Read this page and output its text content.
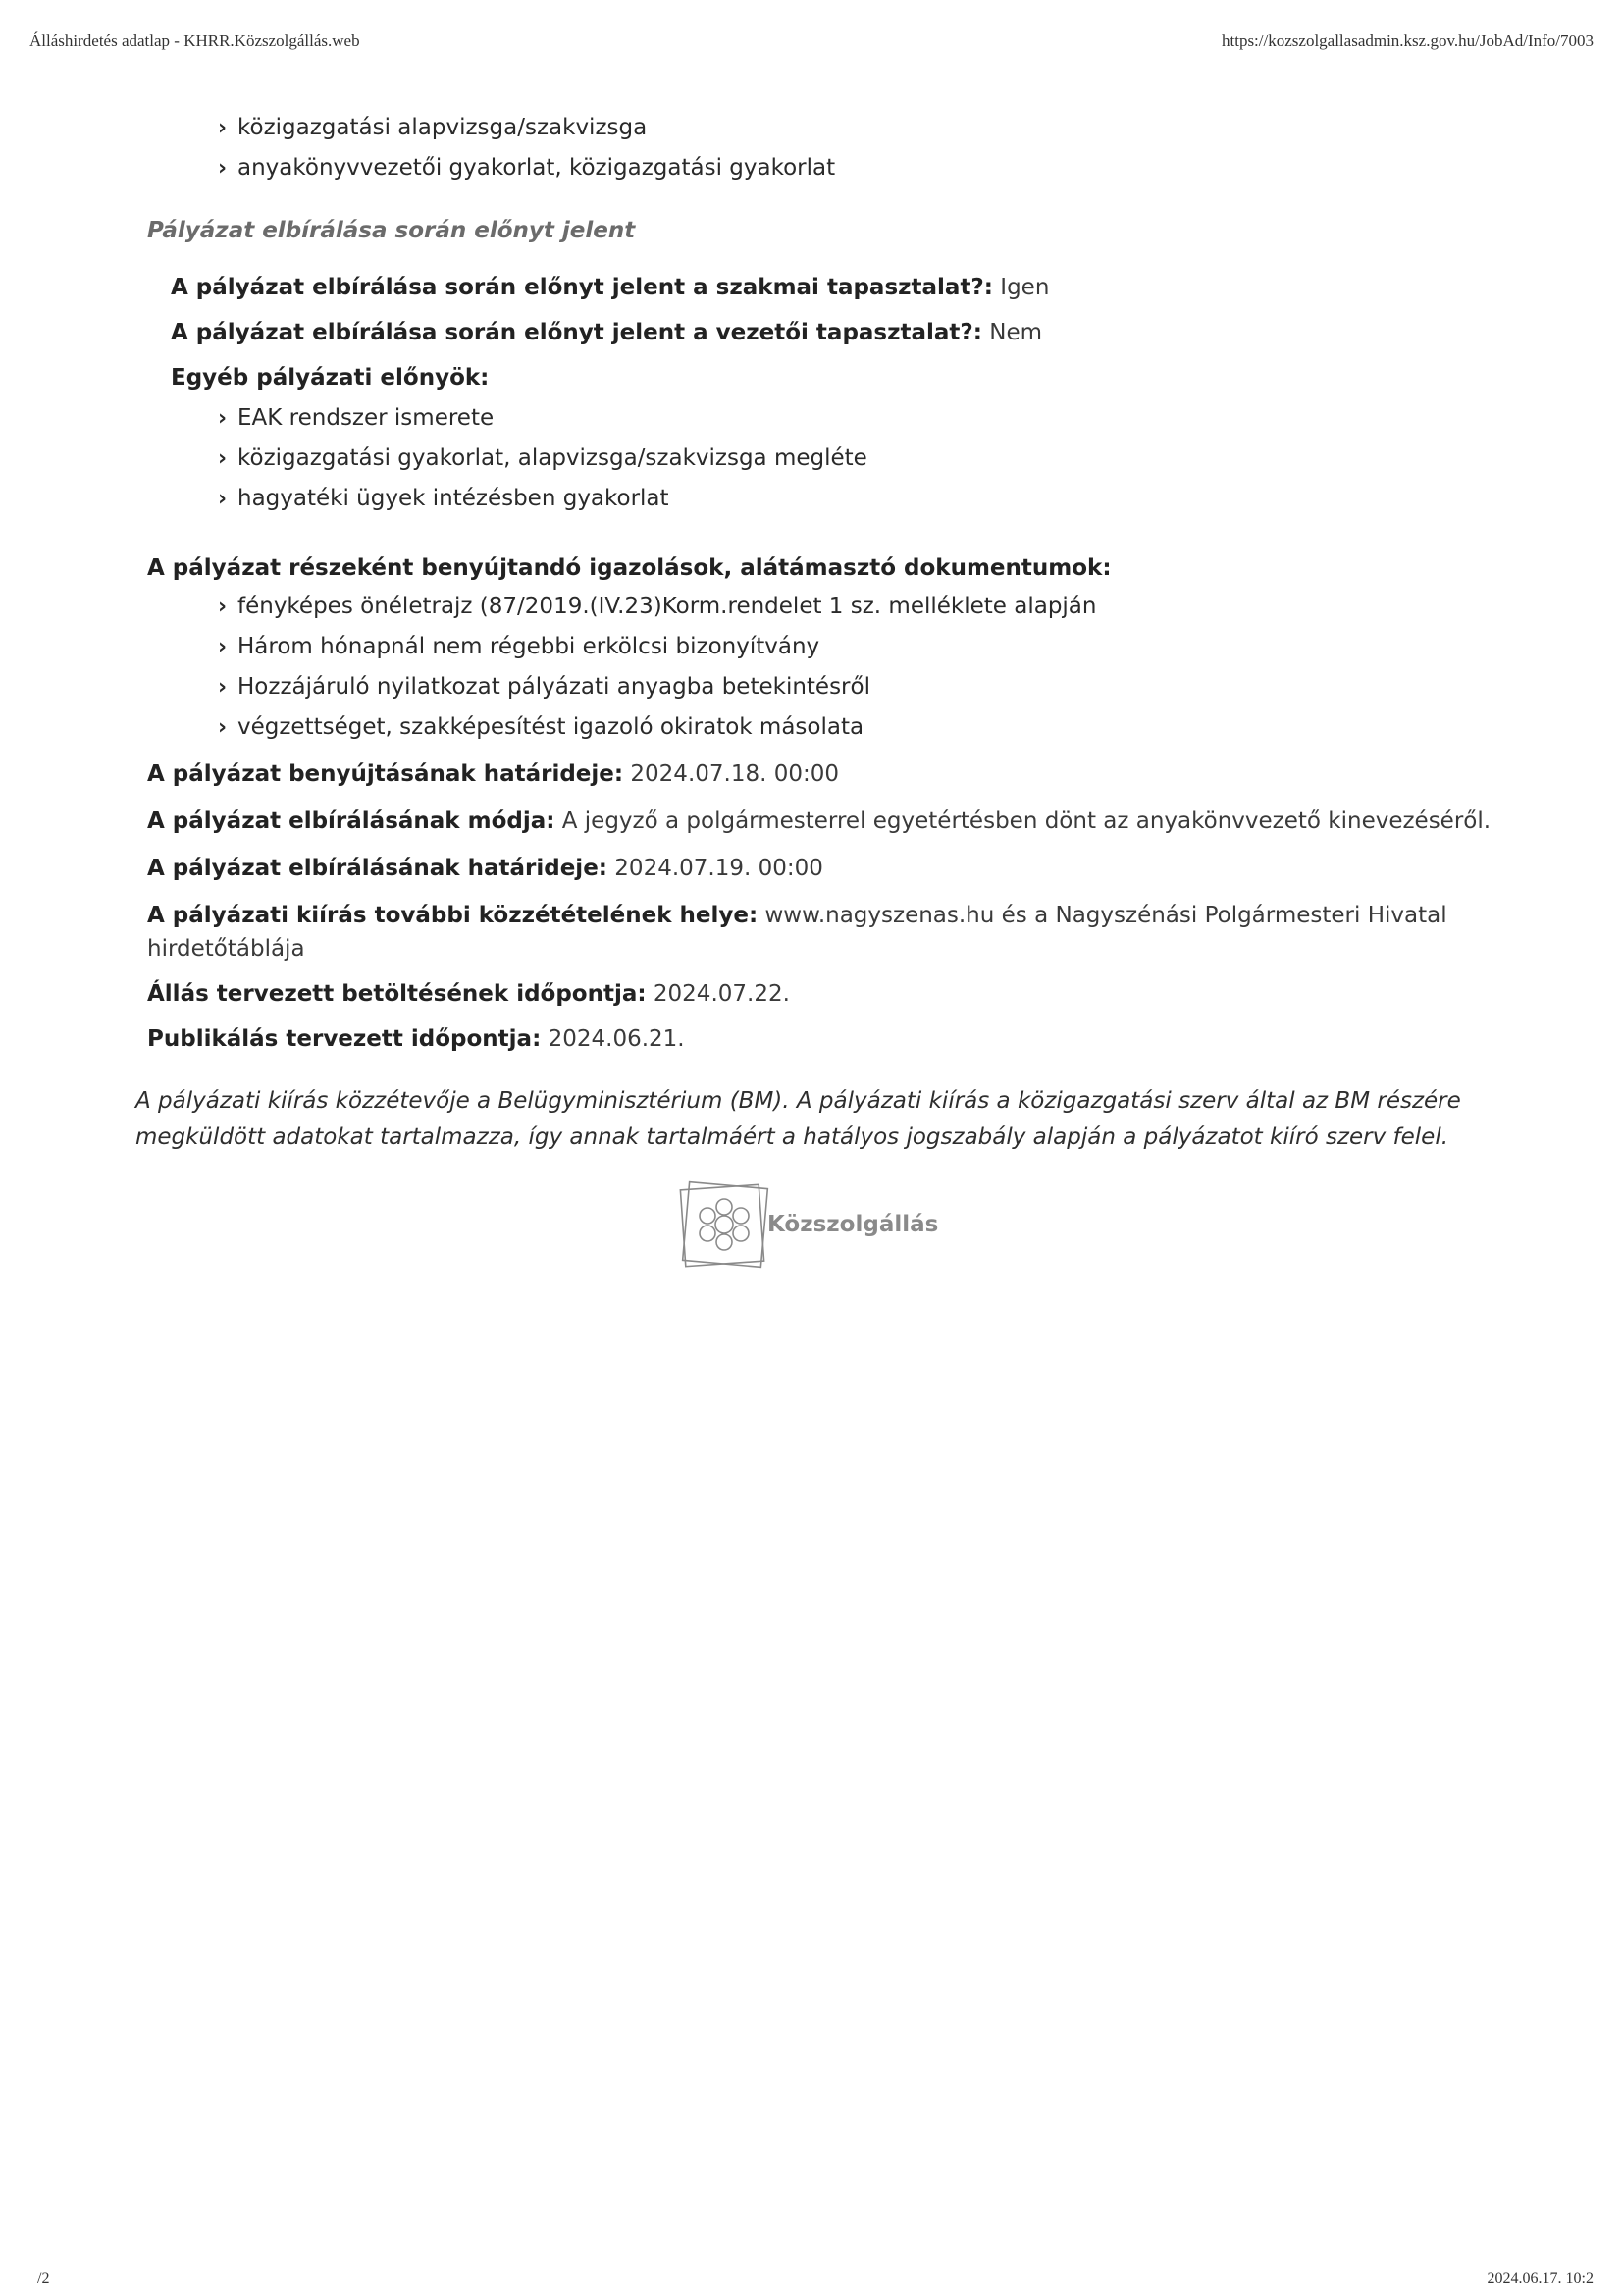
Álláshirdetés adatlap - KHRR.Közszolgállás.web	https://kozszolgallasadmin.ksz.gov.hu/JobAd/Info/7003
› közigazgatási alapvizsga/szakvizsga
› anyakönyvvezetői gyakorlat, közigazgatási gyakorlat
Pályázat elbírálása során előnyt jelent
A pályázat elbírálása során előnyt jelent a szakmai tapasztalat?: Igen
A pályázat elbírálása során előnyt jelent a vezetői tapasztalat?: Nem
Egyéb pályázati előnyök:
› EAK rendszer ismerete
› közigazgatási gyakorlat, alapvizsga/szakvizsga megléte
› hagyatéki ügyek intézésben gyakorlat
A pályázat részeként benyújtandó igazolások, alátámasztó dokumentumok:
› fényképes önéletrajz (87/2019.(IV.23)Korm.rendelet 1 sz. melléklete alapján
› Három hónapnál nem régebbi erkölcsi bizonyítvány
› Hozzájáruló nyilatkozat pályázati anyagba betekintésről
› végzettséget, szakképesítést igazoló okiratok másolata
A pályázat benyújtásának határideje: 2024.07.18. 00:00
A pályázat elbírálásának módja: A jegyző a polgármesterrel egyetértésben dönt az anyakönvvezető kinevezéséről.
A pályázat elbírálásának határideje: 2024.07.19. 00:00
A pályázati kiírás további közzétételének helye: www.nagyszenas.hu és a Nagyszénási Polgármesteri Hivatal hirdetőtáblája
Állás tervezett betöltésének időpontja: 2024.07.22.
Publikálás tervezett időpontja: 2024.06.21.
A pályázati kiírás közzétevője a Belügyminisztérium (BM). A pályázati kiírás a közigazgatási szerv által az BM részére megküldött adatokat tartalmazza, így annak tartalmáért a hatályos jogszabály alapján a pályázatot kiíró szerv felel.
Közszolgállás
/2	2024.06.17. 10:2
